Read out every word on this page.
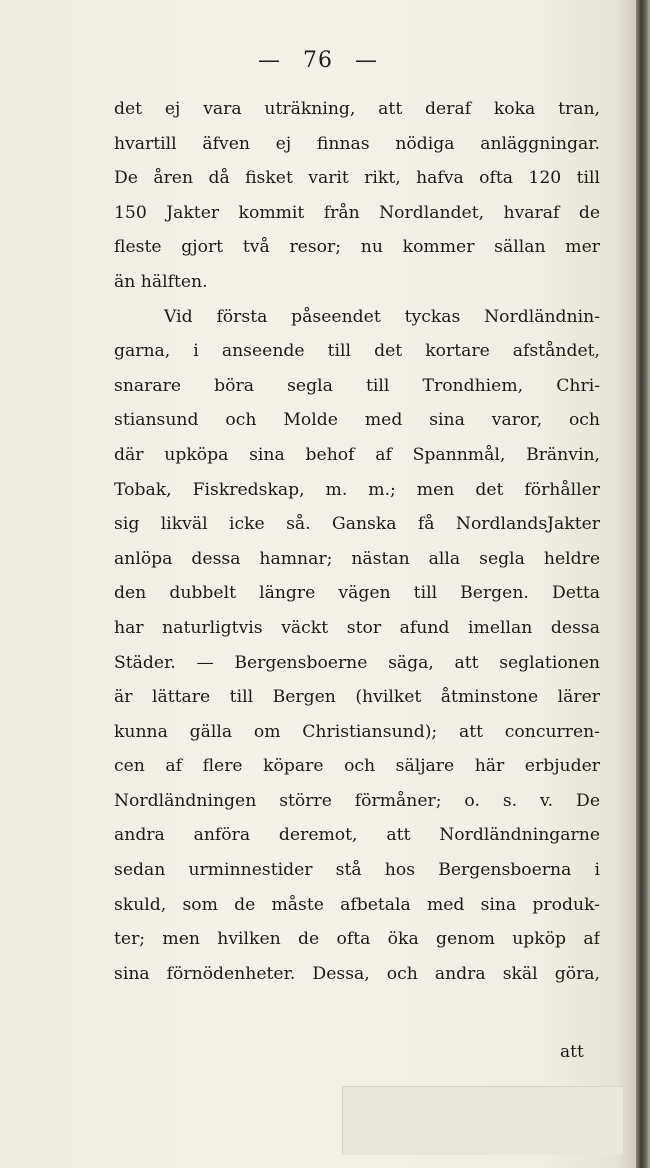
— 76 —
det ej vara uträkning, att deraf koka tran,
hvartill äfven ej finnas nödiga anläggningar.
De åren då fisket varit rikt, hafva ofta 120 till
150 Jakter kommit från Nordlandet, hvaraf de
fleste gjort två resor; nu kommer sällan mer
än hälften.
Vid första påseendet tyckas Nordländnin-
garna, i anseende till det kortare afståndet,
snarare böra segla till Trondhiem, Chri-
stiansund och Molde med sina varor, och
där upköpa sina behof af Spannmål, Bränvin,
Tobak, Fiskredskap, m. m.; men det förhåller
sig likväl icke så. Ganska få NordlandsJakter
anlöpa dessa hamnar; nästan alla segla heldre
den dubbelt längre vägen till Bergen. Detta
har naturligtvis väckt stor afund imellan dessa
Städer. — Bergensboerne säga, att seglationen
är lättare till Bergen (hvilket åtminstone lärer
kunna gälla om Christiansund); att concurren-
cen af flere köpare och säljare här erbjuder
Nordländningen större förmåner; o. s. v. De
andra anföra deremot, att Nordländningarne
sedan urminnestider stå hos Bergensboerna i
skuld, som de måste afbetala med sina produk-
ter; men hvilken de ofta öka genom upköp af
sina förnödenheter. Dessa, och andra skäl göra,
att
